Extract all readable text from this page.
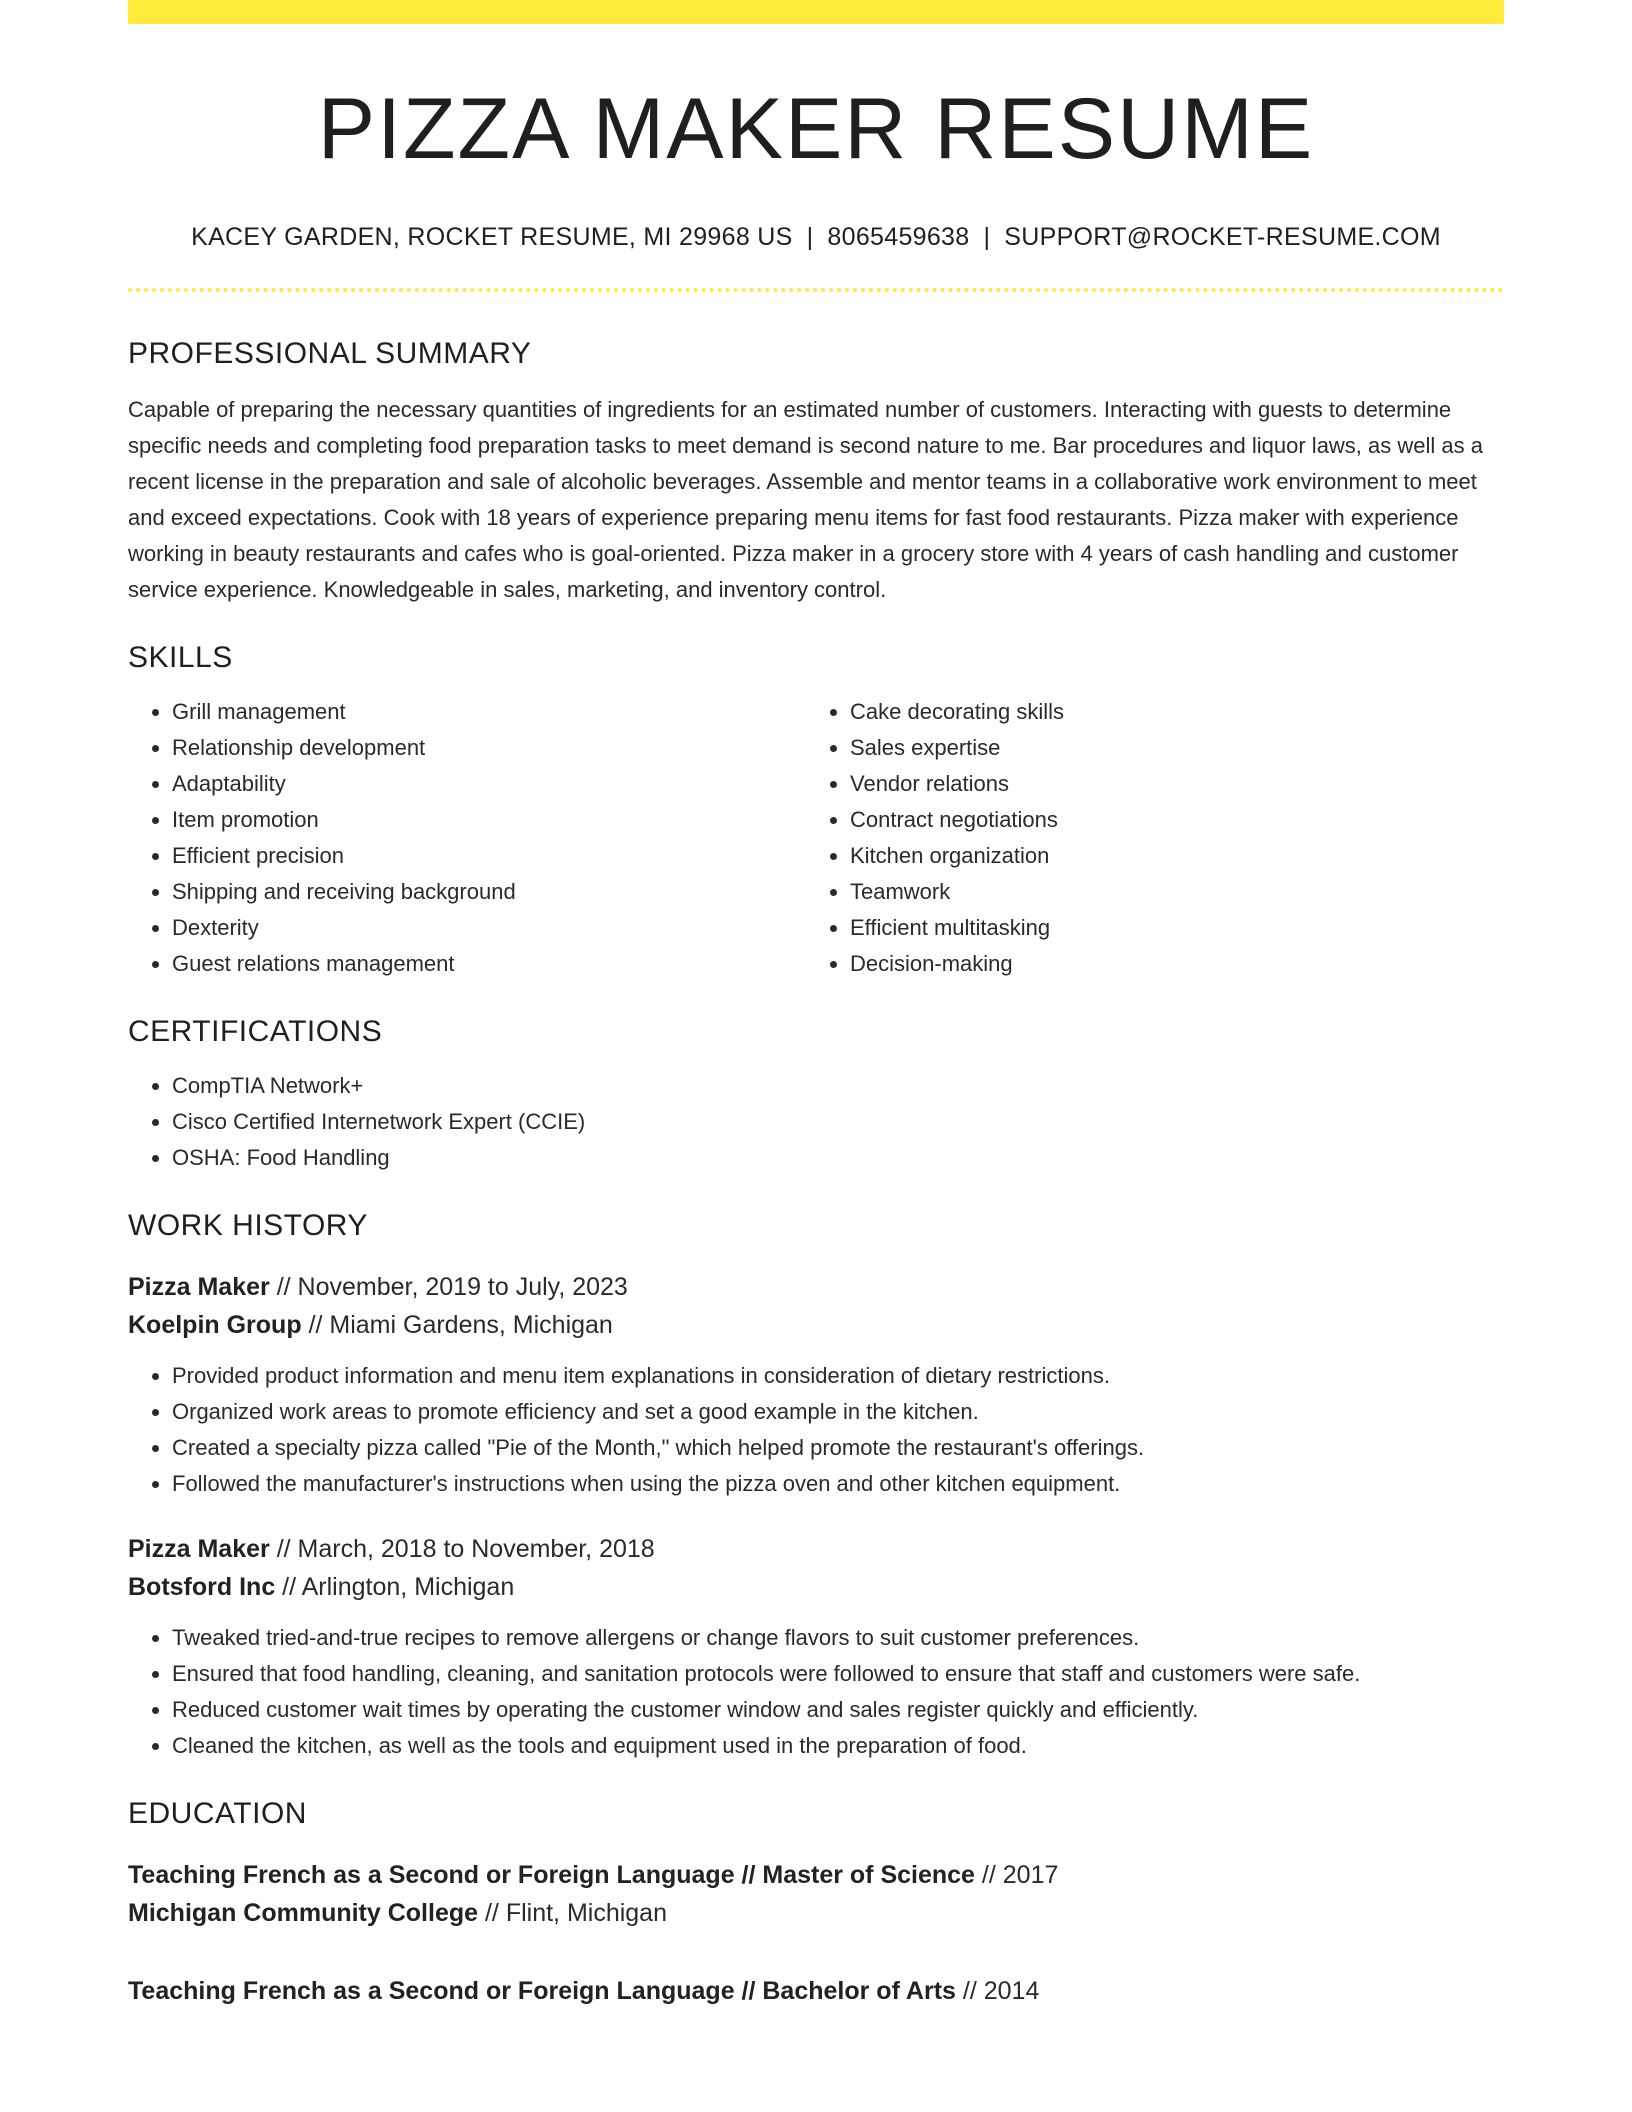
PIZZA MAKER RESUME
KACEY GARDEN, ROCKET RESUME, MI 29968 US | 8065459638 | SUPPORT@ROCKET-RESUME.COM
PROFESSIONAL SUMMARY
Capable of preparing the necessary quantities of ingredients for an estimated number of customers. Interacting with guests to determine specific needs and completing food preparation tasks to meet demand is second nature to me. Bar procedures and liquor laws, as well as a recent license in the preparation and sale of alcoholic beverages. Assemble and mentor teams in a collaborative work environment to meet and exceed expectations. Cook with 18 years of experience preparing menu items for fast food restaurants. Pizza maker with experience working in beauty restaurants and cafes who is goal-oriented. Pizza maker in a grocery store with 4 years of cash handling and customer service experience. Knowledgeable in sales, marketing, and inventory control.
SKILLS
• Grill management
• Relationship development
• Adaptability
• Item promotion
• Efficient precision
• Shipping and receiving background
• Dexterity
• Guest relations management
• Cake decorating skills
• Sales expertise
• Vendor relations
• Contract negotiations
• Kitchen organization
• Teamwork
• Efficient multitasking
• Decision-making
CERTIFICATIONS
• CompTIA Network+
• Cisco Certified Internetwork Expert (CCIE)
• OSHA: Food Handling
WORK HISTORY
Pizza Maker // November, 2019 to July, 2023
Koelpin Group // Miami Gardens, Michigan
• Provided product information and menu item explanations in consideration of dietary restrictions.
• Organized work areas to promote efficiency and set a good example in the kitchen.
• Created a specialty pizza called "Pie of the Month," which helped promote the restaurant's offerings.
• Followed the manufacturer's instructions when using the pizza oven and other kitchen equipment.
Pizza Maker // March, 2018 to November, 2018
Botsford Inc // Arlington, Michigan
• Tweaked tried-and-true recipes to remove allergens or change flavors to suit customer preferences.
• Ensured that food handling, cleaning, and sanitation protocols were followed to ensure that staff and customers were safe.
• Reduced customer wait times by operating the customer window and sales register quickly and efficiently.
• Cleaned the kitchen, as well as the tools and equipment used in the preparation of food.
EDUCATION
Teaching French as a Second or Foreign Language // Master of Science // 2017
Michigan Community College // Flint, Michigan
Teaching French as a Second or Foreign Language // Bachelor of Arts // 2014
